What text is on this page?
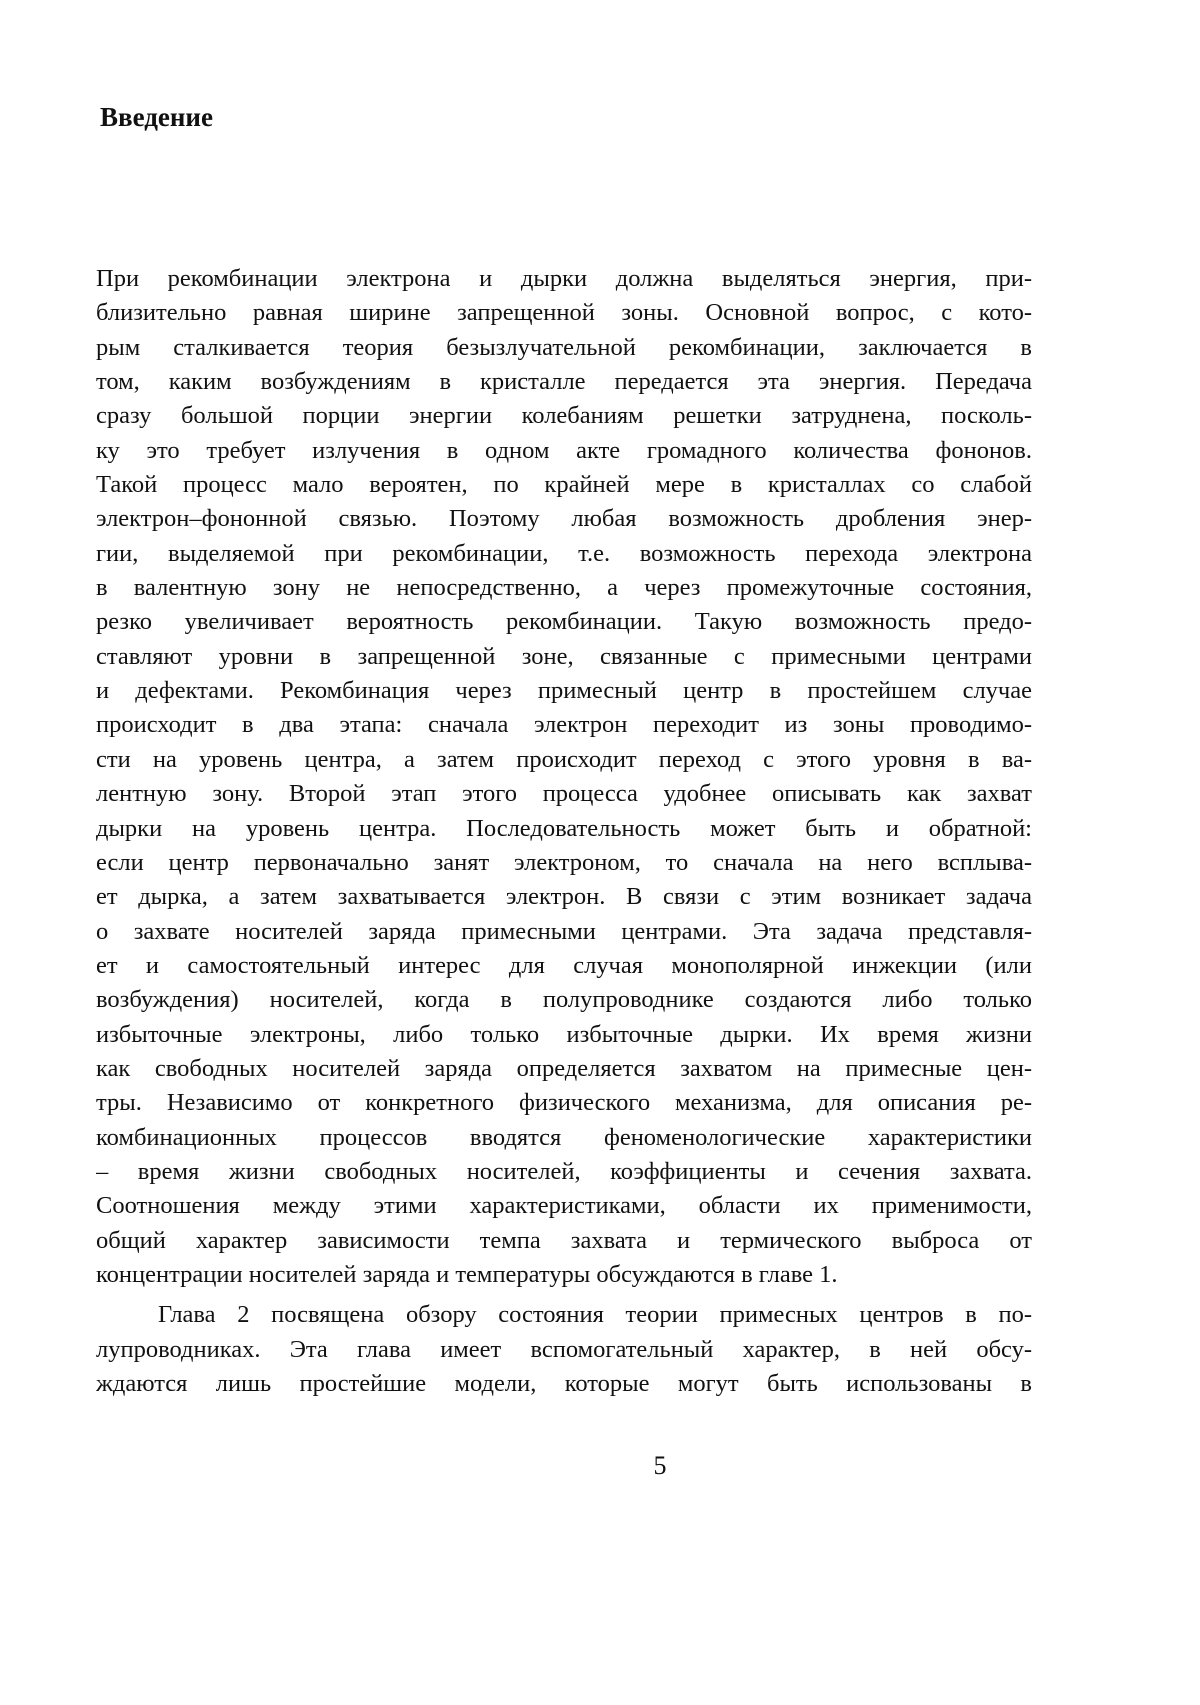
Введение
При рекомбинации электрона и дырки должна выделяться энергия, при-
близительно равная ширине запрещенной зоны. Основной вопрос, с кото-
рым сталкивается теория безызлучательной рекомбинации, заключается в
том, каким возбуждениям в кристалле передается эта энергия. Передача
сразу большой порции энергии колебаниям решетки затруднена, посколь-
ку это требует излучения в одном акте громадного количества фононов.
Такой процесс мало вероятен, по крайней мере в кристаллах со слабой
электрон–фононной связью. Поэтому любая возможность дробления энер-
гии, выделяемой при рекомбинации, т.е. возможность перехода электрона
в валентную зону не непосредственно, а через промежуточные состояния,
резко увеличивает вероятность рекомбинации. Такую возможность предо-
ставляют уровни в запрещенной зоне, связанные с примесными центрами
и дефектами. Рекомбинация через примесный центр в простейшем случае
происходит в два этапа: сначала электрон переходит из зоны проводимо-
сти на уровень центра, а затем происходит переход с этого уровня в ва-
лентную зону. Второй этап этого процесса удобнее описывать как захват
дырки на уровень центра. Последовательность может быть и обратной:
если центр первоначально занят электроном, то сначала на него всплыва-
ет дырка, а затем захватывается электрон. В связи с этим возникает задача
о захвате носителей заряда примесными центрами. Эта задача представля-
ет и самостоятельный интерес для случая монополярной инжекции (или
возбуждения) носителей, когда в полупроводнике создаются либо только
избыточные электроны, либо только избыточные дырки. Их время жизни
как свободных носителей заряда определяется захватом на примесные цен-
тры. Независимо от конкретного физического механизма, для описания ре-
комбинационных процессов вводятся феноменологические характеристики
– время жизни свободных носителей, коэффициенты и сечения захвата.
Соотношения между этими характеристиками, области их применимости,
общий характер зависимости темпа захвата и термического выброса от
концентрации носителей заряда и температуры обсуждаются в главе 1.
Глава 2 посвящена обзору состояния теории примесных центров в по-
лупроводниках. Эта глава имеет вспомогательный характер, в ней обсу-
ждаются лишь простейшие модели, которые могут быть использованы в
5
